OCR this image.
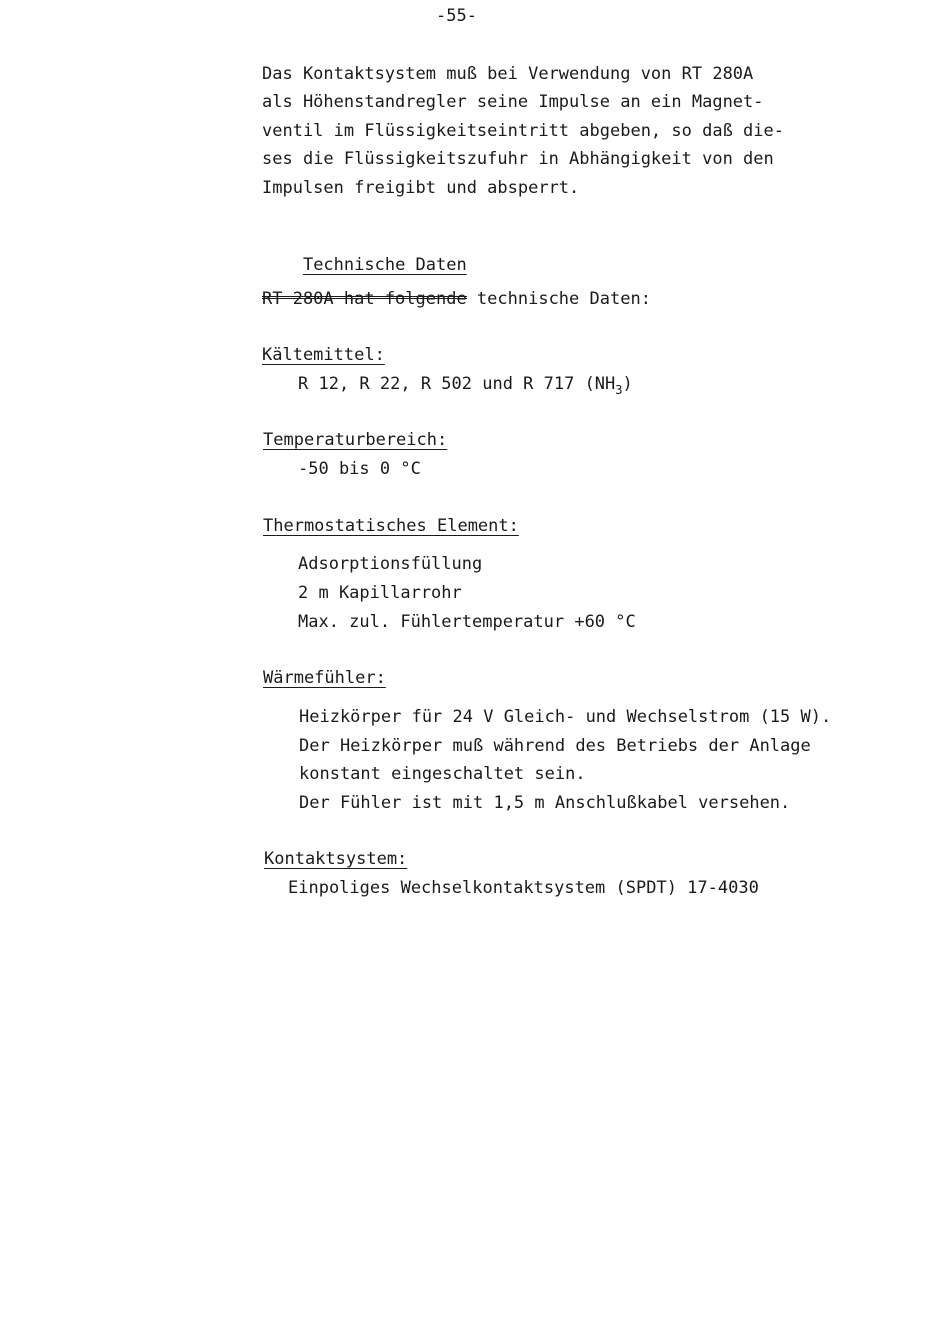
-55-
Das Kontaktsystem muß bei Verwendung von RT 280A
als Höhenstandregler seine Impulse an ein Magnet-
ventil im Flüssigkeitseintritt abgeben, so daß die-
ses die Flüssigkeitszufuhr in Abhängigkeit von den
Impulsen freigibt und absperrt.

Technische Daten

RT 280A hat folgende technische Daten:
Kältemittel:
R 12, R 22, R 502 und R 717 $(NH_3)$
Temperaturbereich:
-50 bis 0 °C
Thermostatisches Element:
Adsorptionsfüllung
2 m Kapillarrohr
Max. zul. Fühlertemperatur +60 °C
Wärmefühler:
Heizkörper für 24 V Gleich- und Wechselstrom (15 W).
Der Heizkörper muß während des Betriebs der Anlage
konstant eingeschaltet sein.
Der Fühler ist mit 1,5 m Anschlußkabel versehen.
Kontaktsystem:
Einpoliges Wechselkontaktsystem (SPDT) 17-4030
